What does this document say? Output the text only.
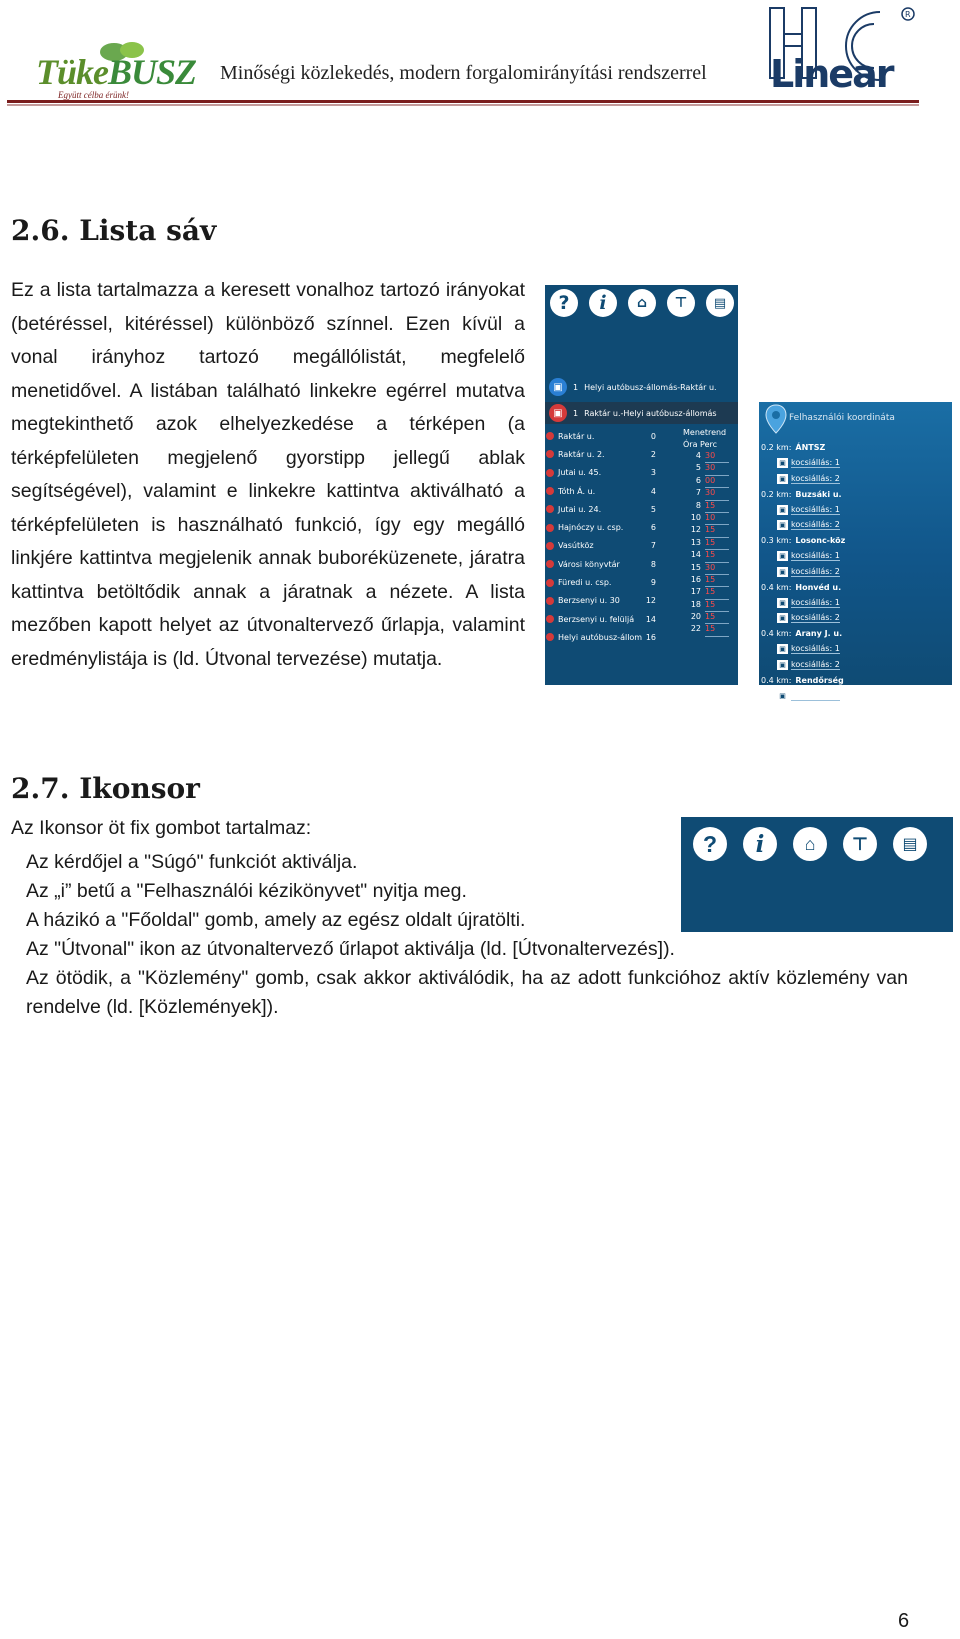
TükeBUSZ
Együtt célba érünk!
Minőségi közlekedés, modern forgalomirányítási rendszerrel
R
Linear
2.6. Lista sáv

Ez a lista tartalmazza a keresett vonalhoz tartozó irányokat (betéréssel, kitéréssel) különböző színnel. Ezen kívül a vonal irányhoz tartozó megállólistát, megfelelő menetidővel. A listában található linkekre egérrel mutatva megtekinthető azok elhelyezkedése a térképen (a térképfelületen megjelenő gyorstipp jellegű ablak segítségével), valamint e linkekre kattintva aktiválható a térképfelületen is használható funkció, így egy megálló linkjére kattintva megjelenik annak buboréküzenete, járatra kattintva betöltődik annak a járatnak a nézete. A lista mezőben kapott helyet az útvonaltervező űrlapja, valamint eredménylistája is (ld. Útvonal tervezése) mutatja.

?	i	⌂	⊤	▤
▣	1 Helyi autóbusz-állomás-Raktár u.
▣	1 Raktár u.-Helyi autóbusz-állomás
Raktár u.	0
Raktár u. 2.	2
Jutai u. 45.	3
Tóth Á. u.	4
Jutai u. 24.	5
Hajnóczy u. csp.	6
Vasútköz	7
Városi könyvtár	8
Füredi u. csp.	9
Berzsenyi u. 30	12
Berzsenyi u. felüljá	14
Helyi autóbusz-állom 16
Menetrend
Óra Perc
4 30
5 30
6 00
7 30
8 15
10 10
12 15
13 15
14 15
15 30
16 15
17 15
18 15
20 15
22 15
Felhasználói koordináta
0.2 km: ÁNTSZ
▣ kocsiállás: 1
▣ kocsiállás: 2
0.2 km: Buzsáki u.
▣ kocsiállás: 1
▣ kocsiállás: 2
0.3 km: Losonc-köz
▣ kocsiállás: 1
▣ kocsiállás: 2
0.4 km: Honvéd u.
▣ kocsiállás: 1
▣ kocsiállás: 2
0.4 km: Arany J. u.
▣ kocsiállás: 1
▣ kocsiállás: 2
0.4 km: Rendőrség
▣ kocsiállás: 1
2.7. Ikonsor
Az Ikonsor öt fix gombot tartalmaz:
?	i	⌂	⊤	▤
Az kérdőjel a "Súgó" funkciót aktiválja.
Az „i” betű a "Felhasználói kézikönyvet" nyitja meg.
A házikó a "Főoldal" gomb, amely az egész oldalt újratölti.
Az "Útvonal" ikon az útvonaltervező űrlapot aktiválja (ld. [Útvonaltervezés]).
Az ötödik, a "Közlemény" gomb, csak akkor aktiválódik, ha az adott funkcióhoz aktív közlemény van rendelve (ld. [Közlemények]).
6
